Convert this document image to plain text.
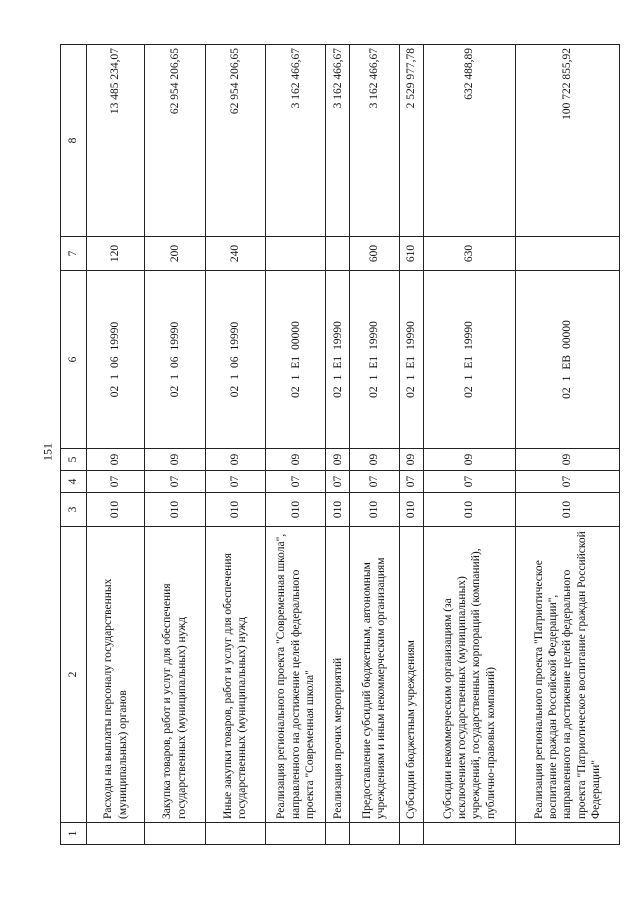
151
1	2	3	4	5	6	7	8
	Расходы на выплаты персоналу государственных (муниципальных) органов	010	07	09	0210619990	120	13 485 234,07
	Закупка товаров, работ и услуг для обеспечения государственных (муниципальных) нужд	010	07	09	0210619990	200	62 954 206,65
	Иные закупки товаров, работ и услуг для обеспечения государственных (муниципальных) нужд	010	07	09	0210619990	240	62 954 206,65
	Реализация регионального проекта "Современная школа", направленного на достижение целей федерального проекта "Современная школа"	010	07	09	021Е100000		3 162 466,67
	Реализация прочих мероприятий	010	07	09	021Е119990		3 162 466,67
	Предоставление субсидий бюджетным, автономным учреждениям и иным некоммерческим организациям	010	07	09	021Е119990	600	3 162 466,67
	Субсидии бюджетным учреждениям	010	07	09	021Е119990	610	2 529 977,78
	Субсидии некоммерческим организациям (за исключением государственных (муниципальных) учреждений, государственных корпораций (компаний), публично-правовых компаний)	010	07	09	021Е119990	630	632 488,89
	Реализация регионального проекта "Патриотическое воспитание граждан Российской Федерации", направленного на достижение целей федерального проекта "Патриотическое воспитание граждан Российской Федерации"	010	07	09	021ЕВ00000		100 722 855,92
